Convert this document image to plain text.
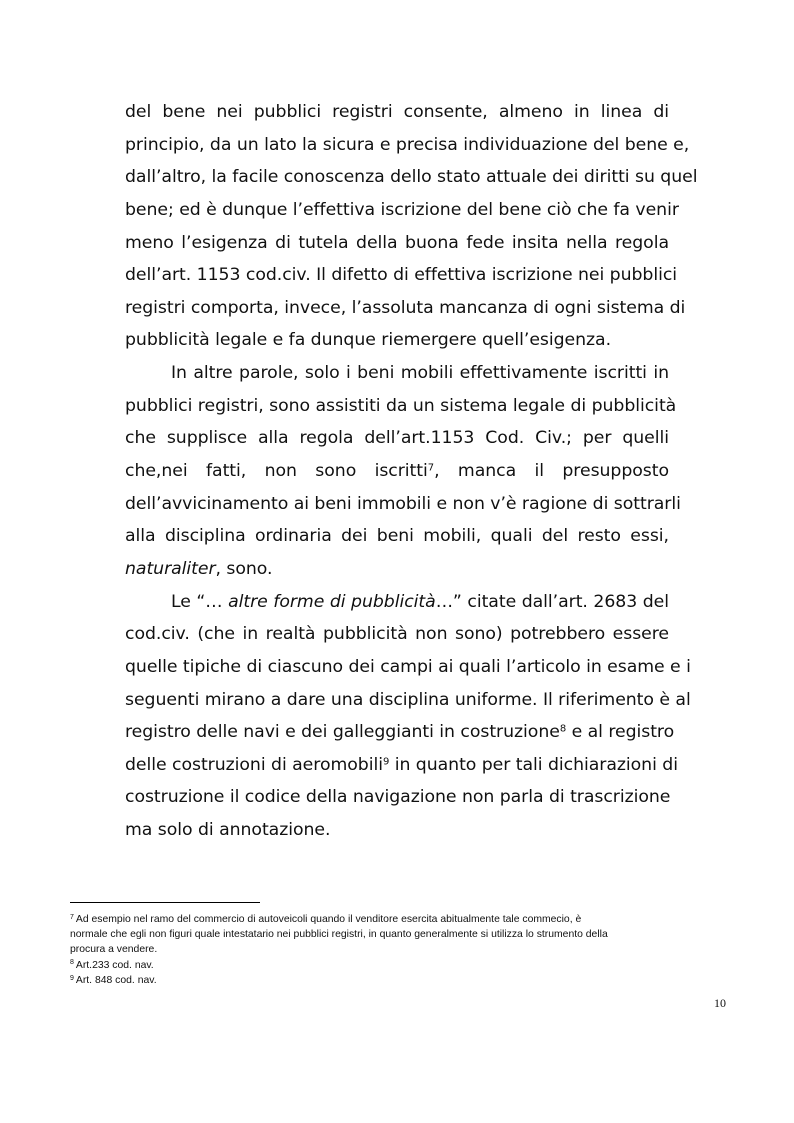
del bene nei pubblici registri consente, almeno in linea di
principio, da un lato la sicura e precisa individuazione del bene e,
dall’altro, la facile conoscenza dello stato attuale dei diritti su quel
bene; ed è dunque l’effettiva iscrizione del bene ciò che fa venir
meno l’esigenza di tutela della buona fede insita nella regola
dell’art. 1153 cod.civ. Il difetto di effettiva iscrizione nei pubblici
registri comporta, invece, l’assoluta mancanza di ogni sistema di
pubblicità legale e fa dunque riemergere quell’esigenza.
In altre parole, solo i beni mobili effettivamente iscritti in
pubblici registri, sono assistiti da un sistema legale di pubblicità
che supplisce alla regola dell’art.1153 Cod. Civ.; per quelli
che,nei fatti, non sono iscritti$^7$, manca il presupposto
dell’avvicinamento ai beni immobili e non v’è ragione di sottrarli
alla disciplina ordinaria dei beni mobili, quali del resto essi,
naturaliter, sono.
Le “… altre forme di pubblicità…” citate dall’art. 2683 del
cod.civ. (che in realtà pubblicità non sono) potrebbero essere
quelle tipiche di ciascuno dei campi ai quali l’articolo in esame e i
seguenti mirano a dare una disciplina uniforme. Il riferimento è al
registro delle navi e dei galleggianti in costruzione$^8$ e al registro
delle costruzioni di aeromobili$^9$ in quanto per tali dichiarazioni di
costruzione il codice della navigazione non parla di trascrizione
ma solo di annotazione.
$^7$ Ad esempio nel ramo del commercio di autoveicoli quando il venditore esercita abitualmente tale commecio, è
normale che egli non figuri quale intestatario nei pubblici registri, in quanto generalmente si utilizza lo strumento della
procura a vendere.
$^8$ Art.233 cod. nav.
$^9$ Art. 848 cod. nav.
10
